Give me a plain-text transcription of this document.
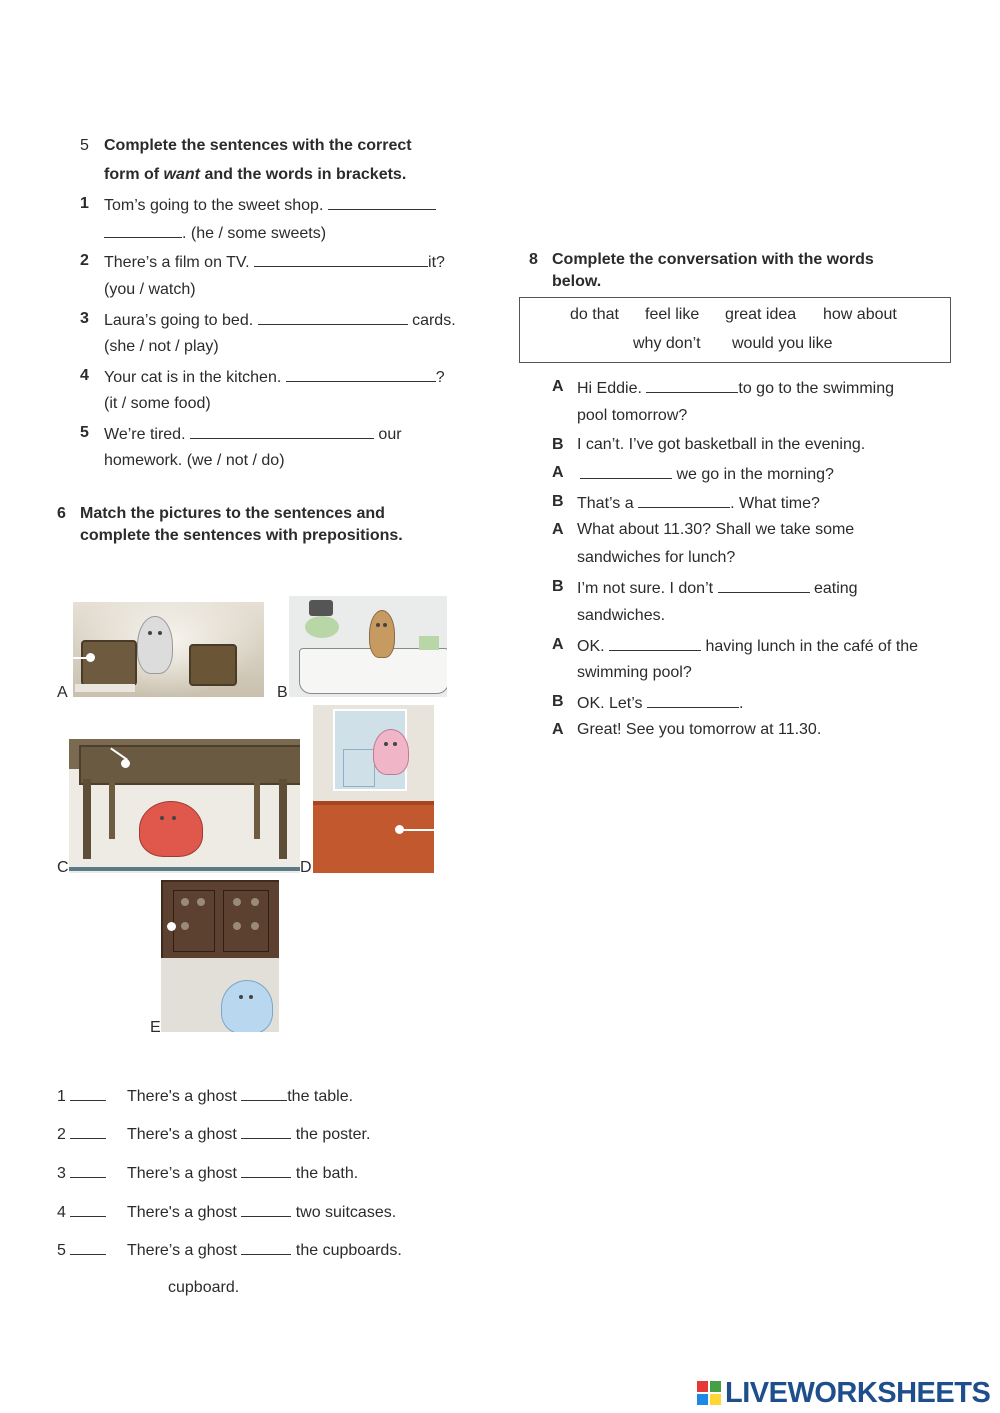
5 Complete the sentences with the correct
form of want and the words in brackets.
1 Tom’s going to the sweet shop.
. (he / some sweets)
2 There’s a film on TV.	it?
(you / watch)
3 Laura’s going to bed.	cards.
(she / not / play)
4 Your cat is in the kitchen.	?
(it / some food)
5 We’re tired.	our
homework. (we / not / do)
6 Match the pictures to the sentences and
complete the sentences with prepositions.
A	B
C	D
E
1	There's a ghost	the table.
2	There's a ghost	the poster.
3	There’s a ghost	the bath.
4	There's a ghost	two suitcases.
5	There’s a ghost	the cupboards.
cupboard.
8 Complete the conversation with the words
below.
do that feel like great idea how about
why don’t would you like
A Hi Eddie.	to go to the swimming
pool tomorrow?
B I can’t. I’ve got basketball in the evening.
A	we go in the morning?
B That’s a	. What time?
A What about 11.30? Shall we take some
sandwiches for lunch?
B I’m not sure. I don’t	eating
sandwiches.
A OK.	having lunch in the café of the
swimming pool?
B OK. Let’s	.
A Great! See you tomorrow at 11.30.
LIVEWORKSHEETS
